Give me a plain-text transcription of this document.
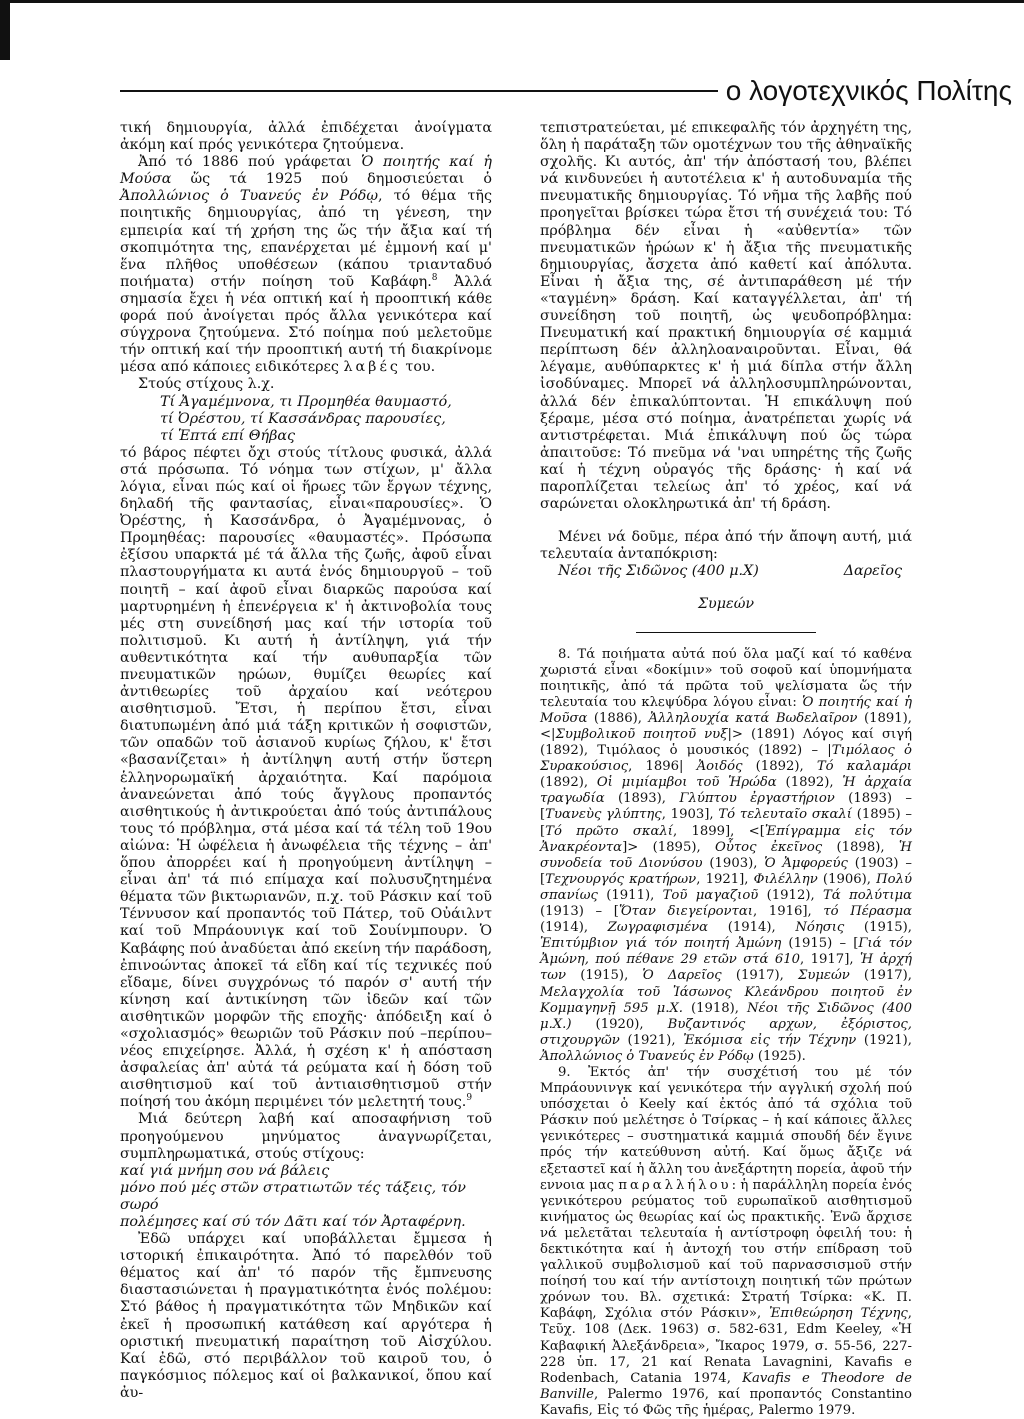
ο λογοτεχνικός Πολίτης

τική δημιουργία, ἀλλά ἐπιδέχεται ἀνοίγματα ἀκόμη καί πρός γενικότερα ζητούμενα.

Ἀπό τό 1886 πού γράφεται Ὁ ποιητής καί ἡ Μούσα ὥς τά 1925 πού δημοσιεύεται ὁ Ἀπολλώνιος ὁ Τυανεύς ἐν Ρόδῳ, τό θέμα τῆς ποιητικῆς δημιουργίας, ἀπό τη γένεση, την εμπειρία καί τή χρήση της ὥς τήν ἄξια καί τή σκοπιμότητα της, επανέρχεται μέ ἐμμονή καί μ' ἕνα πλῆθος υποθέσεων (κάπου τριανταδυό ποιήματα) στήν ποίηση τοῦ Καβάφη.$^8$ Ἀλλά σημασία ἔχει ἡ νέα οπτική καί ἡ προοπτική κάθε φορά πού ἀνοίγεται πρός ἄλλα γενικότερα καί σύγχρονα ζητούμενα. Στό ποίημα πού μελετοῦμε τήν οπτική καί τήν προοπτική αυτή τή διακρίνομε μέσα από κάποιες ειδικότερες λαβές του.

Στούς στίχους λ.χ.

Τί Ἀγαμέμνονα, τι Προμηθέα θαυμαστό,
τί Ὀρέστου, τί Κασσάνδρας παρουσίες,
τί Ἑπτά επί Θήβας

τό βάρος πέφτει ὄχι στούς τίτλους φυσικά, ἀλλά στά πρόσωπα. Τό νόημα των στίχων, μ' ἄλλα λόγια, εἶναι πώς καί οἱ ἥρωες τῶν ἔργων τέχνης, δηλαδή τῆς φαντασίας, εἶναι«παρουσίες». Ὁ Ὀρέστης, ἡ Κασσάνδρα, ὁ Ἀγαμέμνονας, ὁ Προμηθέας: παρουσίες «θαυμαστές». Πρόσωπα ἐξίσου υπαρκτά μέ τά ἄλλα τῆς ζωῆς, ἀφοῦ εἶναι πλαστουργήματα κι αυτά ἑνός δημιουργοῦ – τοῦ ποιητῆ – καί ἀφοῦ εἶναι διαρκῶς παρούσα καί μαρτυρημένη ἡ ἐπενέργεια κ' ἡ ἀκτινοβολία τους μές στη συνείδησή μας καί τήν ιστορία τοῦ πολιτισμοῦ. Κι αυτή ἡ ἀντίληψη, γιά τήν αυθεντικότητα καί τήν αυθυπαρξία τῶν πνευματικῶν ηρώων, θυμίζει θεωρίες καί ἀντιθεωρίες τοῦ ἀρχαίου καί νεότερου αισθητισμοῦ. Ἔτσι, ἡ περίπου ἔτσι, εἶναι διατυπωμένη ἀπό μιά τάξη κριτικῶν ἡ σοφιστῶν, τῶν οπαδῶν τοῦ ἀσιανοῦ κυρίως ζήλου, κ' ἔτσι «βασανίζεται» ἡ ἀντίληψη αυτή στήν ὕστερη ἑλληνορωμαϊκή ἀρχαιότητα. Καί παρόμοια ἀνανεώνεται ἀπό τούς ἄγγλους προπαντός αισθητικούς ἡ ἀντικρούεται ἀπό τούς ἀντιπάλους τους τό πρόβλημα, στά μέσα καί τά τέλη τοῦ 19ου αἰώνα: Ἡ ὠφέλεια ἡ ἀνωφέλεια τῆς τέχνης – ἀπ' ὅπου ἀπορρέει καί ἡ προηγούμενη ἀντίληψη – εἶναι ἀπ' τά πιό επίμαχα καί πολυσυζητημένα θέματα τῶν βικτωριανῶν, π.χ. τοῦ Ράσκιν καί τοῦ Τέννυσον καί προπαντός τοῦ Πάτερ, τοῦ Οὐάιλντ καί τοῦ Μπράουνιγκ καί τοῦ Σουίνμπουρν. Ὁ Καβάφης πού ἀναδύεται ἀπό εκείνη τήν παράδοση, ἐπινοώντας ἀποκεῖ τά εἴδη καί τίς τεχνικές πού εἴδαμε, δίνει συγχρόνως τό παρόν σ' αυτή τήν κίνηση καί ἀντικίνηση τῶν ἰδεῶν καί τῶν αισθητικῶν μορφῶν τῆς εποχῆς· ἀπόδειξη καί ὁ «σχολιασμός» θεωριῶν τοῦ Ράσκιν πού –περίπου– νέος επιχείρησε. Ἀλλά, ἡ σχέση κ' ἡ απόσταση ἀσφαλείας ἀπ' αὐτά τά ρεύματα καί ἡ δόση τοῦ αισθητισμοῦ καί τοῦ ἀντιαισθητισμοῦ στήν ποίησή του ἀκόμη περιμένει τόν μελετητή τους.$^9$

Μιά δεύτερη λαβή καί αποσαφήνιση τοῦ προηγούμενου μηνύματος ἀναγνωρίζεται, συμπληρωματικά, στούς στίχους:

καί γιά μνήμη σου νά βάλεις
μόνο πού μές στῶν στρατιωτῶν τές τάξεις, τόν σωρό
πολέμησες καί σύ τόν Δᾶτι καί τόν Ἀρταφέρνη.

Ἐδῶ υπάρχει καί υποβάλλεται ἔμμεσα ἡ ιστορική ἐπικαιρότητα. Ἀπό τό παρελθόν τοῦ θέματος καί ἀπ' τό παρόν τῆς ἔμπνευσης διαστασιώνεται ἡ πραγματικότητα ἑνός πολέμου: Στό βάθος ἡ πραγματικότητα τῶν Μηδικῶν καί ἐκεῖ ἡ προσωπική κατάθεση καί αργότερα ἡ οριστική πνευματική παραίτηση τοῦ Αἰσχύλου. Καί ἐδῶ, στό περιβάλλον τοῦ καιροῦ του, ὁ παγκόσμιος πόλεμος καί οἱ βαλκανικοί, ὅπου καί ἀυ-

τεπιστρατεύεται, μέ επικεφαλῆς τόν ἀρχηγέτη της, ὅλη ἡ παράταξη τῶν ομοτέχνων του τῆς ἀθηναϊκῆς σχολῆς. Κι αυτός, ἀπ' τήν ἀπόστασή του, βλέπει νά κινδυνεύει ἡ αυτοτέλεια κ' ἡ αυτοδυναμία τῆς πνευματικῆς δημιουργίας. Τό νῆμα τῆς λαβῆς πού προηγεῖται βρίσκει τώρα ἔτσι τή συνέχειά του: Τό πρόβλημα δέν εἶναι ἡ «αὐθεντία» τῶν πνευματικῶν ἡρώων κ' ἡ ἄξια τῆς πνευματικῆς δημιουργίας, ἄσχετα ἀπό καθετί καί ἀπόλυτα. Εἶναι ἡ ἄξια της, σέ ἀντιπαράθεση μέ τήν «ταγμένη» δράση. Καί καταγγέλλεται, ἀπ' τή συνείδηση τοῦ ποιητῆ, ὡς ψευδοπρόβλημα: Πνευματική καί πρακτική δημιουργία σέ καμμιά περίπτωση δέν ἀλληλοαναιροῦνται. Εἶναι, θά λέγαμε, αυθύπαρκτες κ' ἡ μιά δίπλα στήν ἄλλη ἰσοδύναμες. Μπορεῖ νά ἀλληλοσυμπληρώνονται, ἀλλά δέν ἐπικαλύπτονται. Ἡ επικάλυψη πού ξέραμε, μέσα στό ποίημα, ἀνατρέπεται χωρίς νά αντιστρέφεται. Μιά ἐπικάλυψη πού ὥς τώρα ἀπαιτοῦσε: Τό πνεῦμα νά 'ναι υπηρέτης τῆς ζωῆς καί ἡ τέχνη οὐραγός τῆς δράσης· ἡ καί νά παροπλίζεται τελείως ἀπ' τό χρέος, καί νά σαρώνεται ολοκληρωτικά ἀπ' τή δράση.

Μένει νά δοῦμε, πέρα ἀπό τήν ἄποψη αυτή, μιά τελευταία ἀνταπόκριση:

Νέοι τῆς Σιδῶνος (400 μ.Χ)	Δαρεῖος
Συμεών

8. Τά ποιήματα αὐτά πού ὅλα μαζί καί τό καθένα χωριστά εἶναι «δοκίμιν» τοῦ σοφοῦ καί ὑπομνήματα ποιητικῆς, ἀπό τά πρῶτα τοῦ ψελίσματα ὥς τήν τελευταία του κλεψύδρα λόγου εἶναι: Ὁ ποιητής καί ἡ Μοῦσα (1886), Ἀλληλουχία κατά Βωδελαῖρον (1891), <|Συμβολικοῦ ποιητοῦ νυξ|> (1891) Λόγος καί σιγή (1892), Τιμόλαος ὁ μουσικός (1892) – |Τιμόλαος ὁ Συρακούσιος, 1896| Ἀοιδός (1892), Τό καλαμάρι (1892), Οἱ μιμίαμβοι τοῦ Ἡρώδα (1892), Ἡ ἀρχαία τραγωδία (1893), Γλύπτου ἐργαστήριον (1893) – [Τυανεὺς γλύπτης, 1903], Τό τελευταῖο σκαλί (1895) – [Τό πρῶτο σκαλί, 1899], <[Ἐπίγραμμα εἰς τόν Ἀνακρέοντα]> (1895), Οὗτος ἐκεῖνος (1898), Ἡ συνοδεία τοῦ Διονύσου (1903), Ὁ Ἀμφορεύς (1903) – [Τεχνουργός κρατήρων, 1921], Φιλέλλην (1906), Πολύ σπανίως (1911), Τοῦ μαγαζιοῦ (1912), Τά πολύτιμα (1913) – [Ὅταν διεγείρονται, 1916], τό Πέρασμα (1914), Ζωγραφισμένα (1914), Νόησις (1915), Ἐπιτύμβιον γιά τόν ποιητή Ἀμώνη (1915) – [Γιά τόν Ἀμώνη, πού πέθανε 29 ετῶν στά 610, 1917], Ἡ ἀρχή των (1915), Ὁ Δαρεῖος (1917), Συμεών (1917), Μελαγχολία τοῦ Ἰάσωνος Κλεάνδρου ποιητοῦ ἐν Κομμαγηνῇ 595 μ.Χ. (1918), Νέοι τῆς Σιδῶνος (400 μ.Χ.) (1920), Βυζαντινός αρχων, ἐξόριστος, στιχουργῶν (1921), Ἐκόμισα εἰς τήν Τέχνην (1921), Ἀπολλώνιος ὁ Τυανεύς ἐν Ρόδῳ (1925).

9. Ἐκτός ἀπ' τήν συσχέτισή του μέ τόν Μπράουνινγκ καί γενικότερα τήν αγγλική σχολή πού υπόσχεται ὁ Keely καί ἐκτός ἀπό τά σχόλια τοῦ Ράσκιν πού μελέτησε ὁ Τσίρκας – ἡ καί κάποιες ἄλλες γενικότερες – συστηματικά καμμιά σπουδή δέν ἔγινε πρός τήν κατεύθυνση αὐτή. Καί ὅμως ἄξιζε νά εξεταστεῖ καί ἡ ἄλλη του ἀνεξάρτητη πορεία, ἀφοῦ τήν εννοια μας παραλλήλου: ἡ παράλληλη πορεία ἐνός γενικότερου ρεύματος τοῦ ευρωπαϊκοῦ αισθητισμοῦ κινήματος ὡς θεωρίας καί ὡς πρακτικῆς. Ἐνῶ ἄρχισε νά μελετᾶται τελευταία ἡ αντίστροφη ὀφειλή του: ἡ δεκτικότητα καί ἡ ἀντοχή του στήν επίδραση τοῦ γαλλικοῦ συμβολισμοῦ καί τοῦ παρνασσισμοῦ στήν ποίησή του καί τήν αντίστοιχη ποιητική τῶν πρώτων χρόνων του. Βλ. σχετικά: Στρατή Τσίρκα: «Κ. Π. Καβάφη, Σχόλια στόν Ράσκιν», Ἐπιθεώρηση Τέχνης, Τεῦχ. 108 (Δεκ. 1963) σ. 582-631, Edm Keeley, «Ἡ Καβαφική Ἀλεξάνδρεια», Ἴκαρος 1979, σ. 55-56, 227-228 ὑπ. 17, 21 καί Renata Lavagnini, Kavafis e Rodenbach, Catania 1974, Kavafis e Theodore de Banville, Palermo 1976, καί προπαντός Constantino Kavafis, Εἰς τό Φῶς τῆς ἡμέρας, Palermo 1979.
